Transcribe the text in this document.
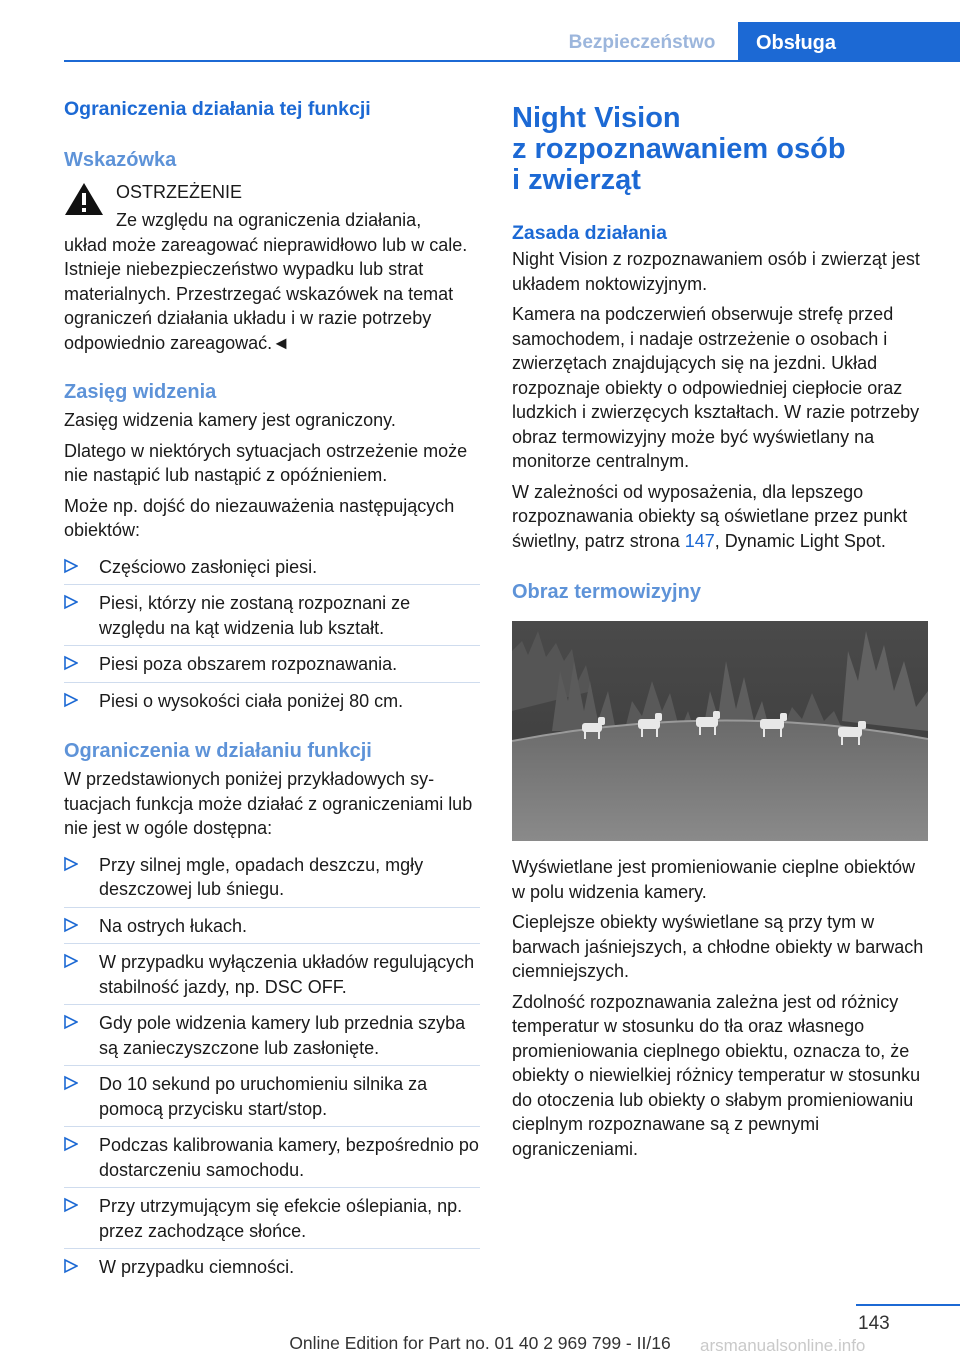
Bezpieczeństwo	Obsługa
Ograniczenia działania tej funkcji
Wskazówka
OSTRZEŻENIE
Ze względu na ograniczenia działania,
układ może zareagować nieprawidłowo lub w cale. Istnieje niebezpieczeństwo wypadku lub strat materialnych. Przestrzegać wskazówek na temat ograniczeń działania układu i w razie potrzeby odpowiednio zareagować.◄
Zasięg widzenia
Zasięg widzenia kamery jest ograniczony.
Dlatego w niektórych sytuacjach ostrzeżenie może nie nastąpić lub nastąpić z opóźnieniem.
Może np. dojść do niezauważenia następujących obiektów:
Częściowo zasłonięci piesi.
Piesi, którzy nie zostaną rozpoznani ze względu na kąt widzenia lub kształt.
Piesi poza obszarem rozpoznawania.
Piesi o wysokości ciała poniżej 80 cm.
Ograniczenia w działaniu funkcji
W przedstawionych poniżej przykładowych sytuacjach funkcja może działać z ograniczeniami lub nie jest w ogóle dostępna:
Przy silnej mgle, opadach deszczu, mgły deszczowej lub śniegu.
Na ostrych łukach.
W przypadku wyłączenia układów regulujących stabilność jazdy, np. DSC OFF.
Gdy pole widzenia kamery lub przednia szyba są zanieczyszczone lub zasłonięte.
Do 10 sekund po uruchomieniu silnika za pomocą przycisku start/stop.
Podczas kalibrowania kamery, bezpośrednio po dostarczeniu samochodu.
Przy utrzymującym się efekcie oślepiania, np. przez zachodzące słońce.
W przypadku ciemności.
Night Vision
z rozpoznawaniem osób
i zwierząt
Zasada działania
Night Vision z rozpoznawaniem osób i zwierząt jest układem noktowizyjnym.
Kamera na podczerwień obserwuje strefę przed samochodem, i nadaje ostrzeżenie o osobach i zwierzętach znajdujących się na jezdni. Układ rozpoznaje obiekty o odpowiedniej ciepłocie oraz ludzkich i zwierzęcych kształtach. W razie potrzeby obraz termowizyjny może być wyświetlany na monitorze centralnym.
W zależności od wyposażenia, dla lepszego rozpoznawania obiekty są oświetlane przez punkt świetlny, patrz strona 147, Dynamic Light Spot.
Obraz termowizyjny
Wyświetlane jest promieniowanie cieplne obiektów w polu widzenia kamery.
Cieplejsze obiekty wyświetlane są przy tym w barwach jaśniejszych, a chłodne obiekty w barwach ciemniejszych.
Zdolność rozpoznawania zależna jest od różnicy temperatur w stosunku do tła oraz własnego promieniowania cieplnego obiektu, oznacza to, że obiekty o niewielkiej różnicy temperatur w stosunku do otoczenia lub obiekty o słabym promieniowaniu cieplnym rozpoznawane są z pewnymi ograniczeniami.
143
Online Edition for Part no. 01 40 2 969 799 - II/16	arsmanualsonline.info
